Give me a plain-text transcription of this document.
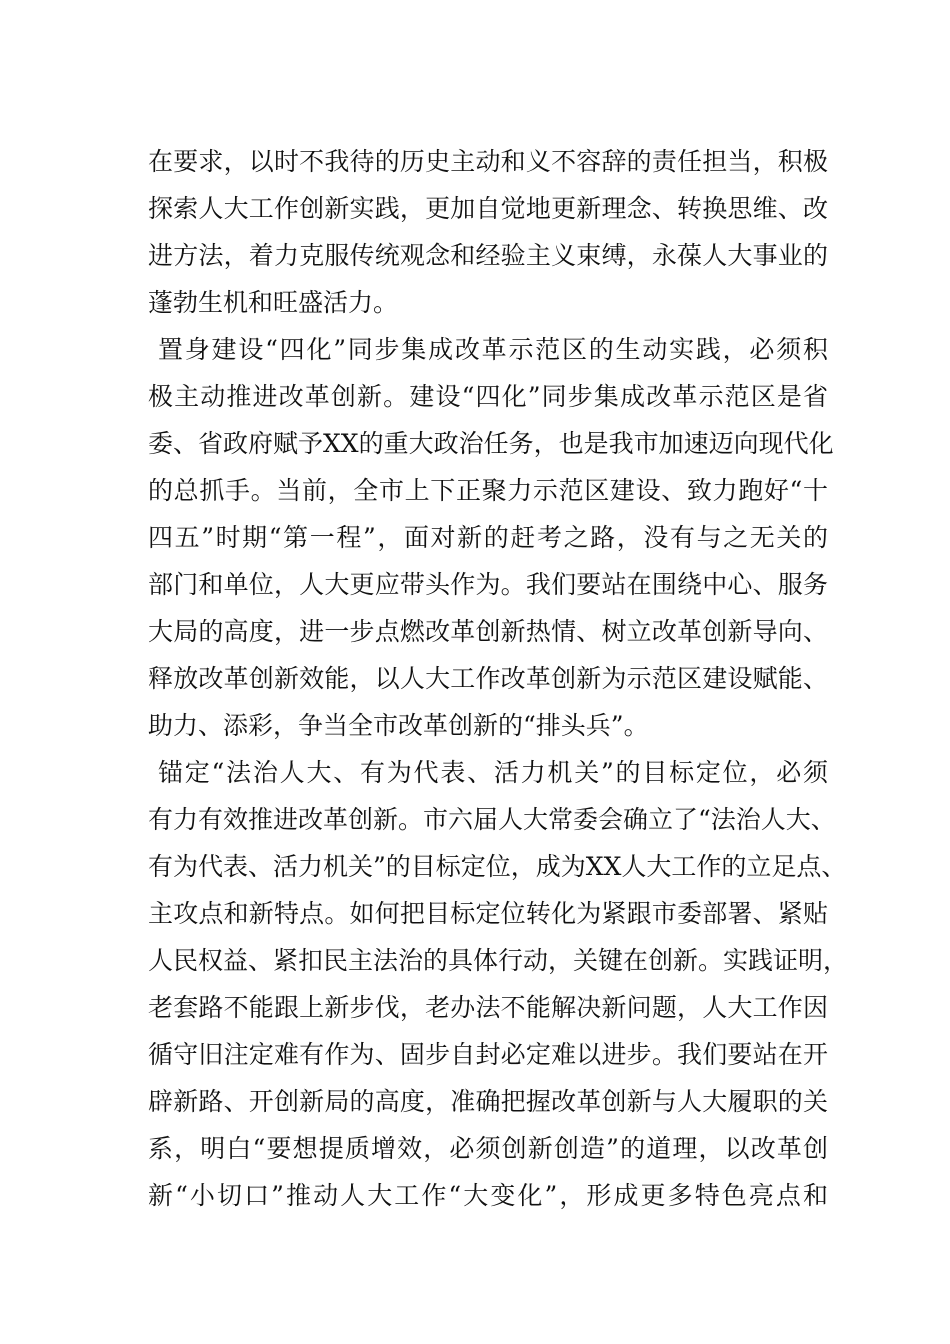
在要求，以时不我待的历史主动和义不容辞的责任担当，积极
探索人大工作创新实践，更加自觉地更新理念、转换思维、改
进方法，着力克服传统观念和经验主义束缚，永葆人大事业的
蓬勃生机和旺盛活力。
置身建设“四化”同步集成改革示范区的生动实践，必须积
极主动推进改革创新。建设“四化”同步集成改革示范区是省
委、省政府赋予XX的重大政治任务，也是我市加速迈向现代化
的总抓手。当前，全市上下正聚力示范区建设、致力跑好“十
四五”时期“第一程”，面对新的赶考之路，没有与之无关的
部门和单位，人大更应带头作为。我们要站在围绕中心、服务
大局的高度，进一步点燃改革创新热情、树立改革创新导向、
释放改革创新效能，以人大工作改革创新为示范区建设赋能、
助力、添彩，争当全市改革创新的“排头兵”。
锚定“法治人大、有为代表、活力机关”的目标定位，必须
有力有效推进改革创新。市六届人大常委会确立了“法治人大、
有为代表、活力机关”的目标定位，成为XX人大工作的立足点、
主攻点和新特点。如何把目标定位转化为紧跟市委部署、紧贴
人民权益、紧扣民主法治的具体行动，关键在创新。实践证明，
老套路不能跟上新步伐，老办法不能解决新问题，人大工作因
循守旧注定难有作为、固步自封必定难以进步。我们要站在开
辟新路、开创新局的高度，准确把握改革创新与人大履职的关
系，明白“要想提质增效，必须创新创造”的道理，以改革创
新“小切口”推动人大工作“大变化”，形成更多特色亮点和
